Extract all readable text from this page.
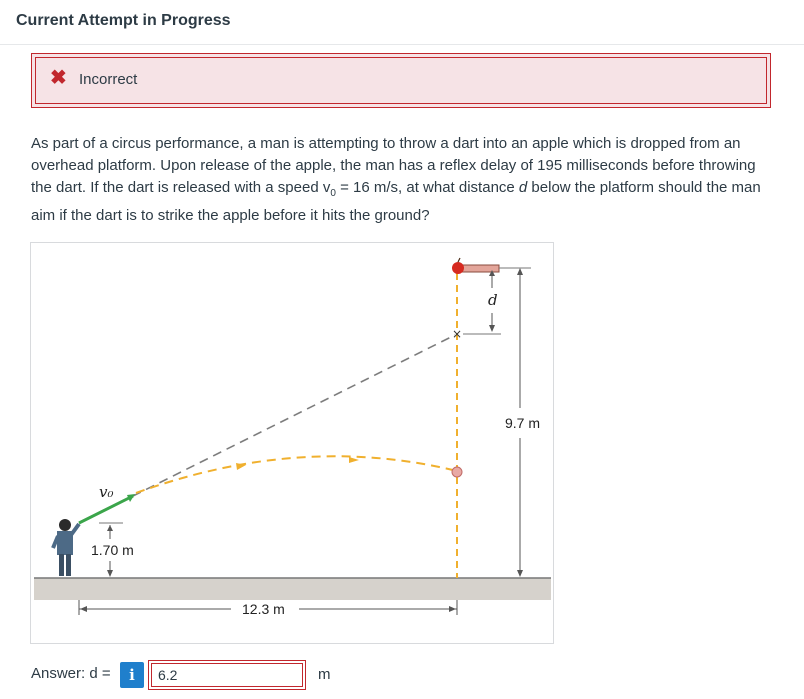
Current Attempt in Progress
✖ Incorrect
As part of a circus performance, a man is attempting to throw a dart into an apple which is dropped from an overhead platform. Upon release of the apple, the man has a reflex delay of 195 milliseconds before throwing the dart. If the dart is released with a speed $v_0 = 16$ m/s, at what distance d below the platform should the man aim if the dart is to strike the apple before it hits the ground?
×
d
9.7 m
v₀
1.70 m
12.3 m
Answer: d =	i	6.2	m
